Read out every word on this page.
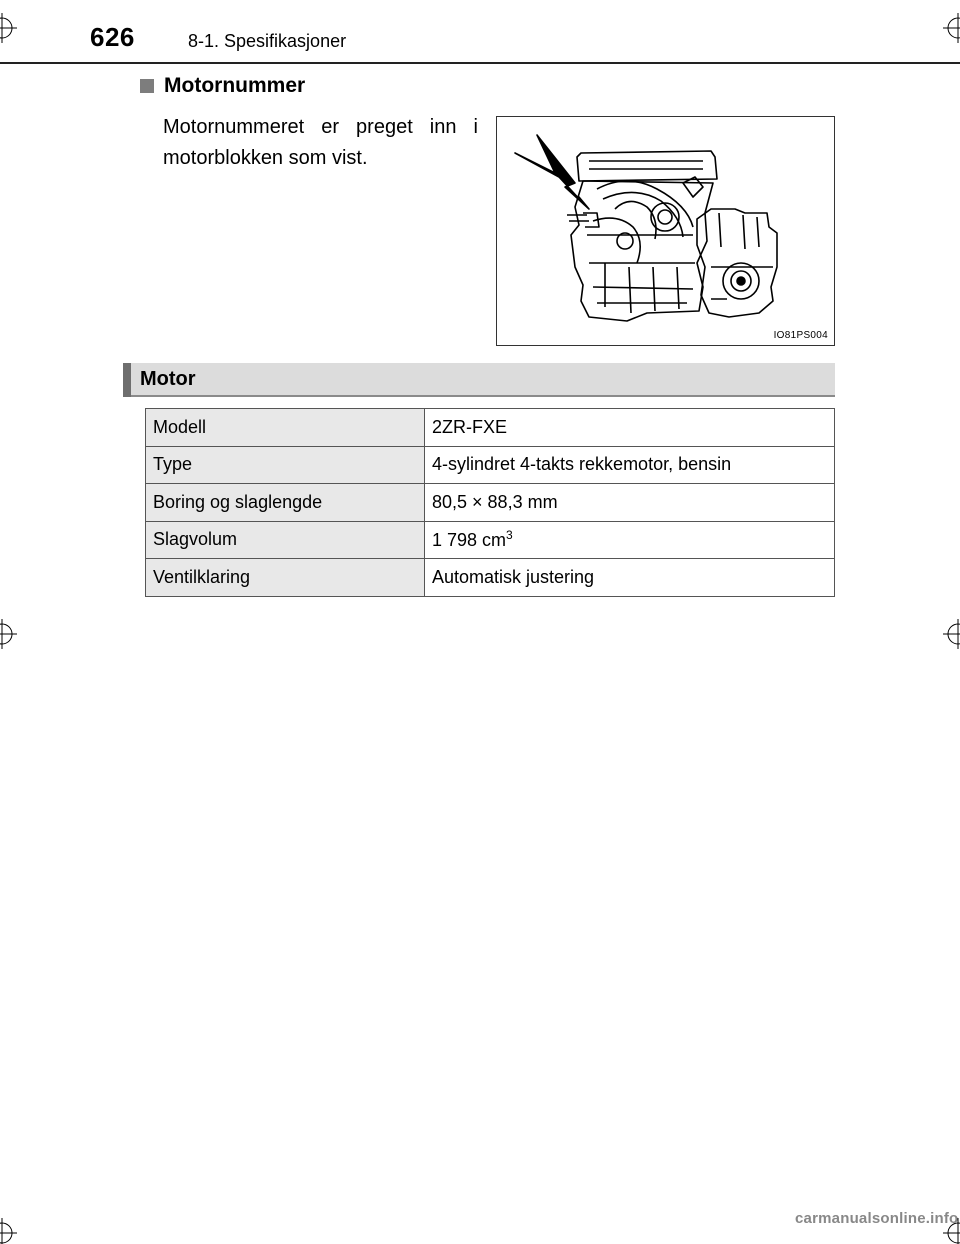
626	8-1. Spesifikasjoner
Motornummer

Motornummeret er preget inn i motorblokken som vist.

IO81PS004
Motor
Modell	2ZR-FXE
Type	4-sylindret 4-takts rekkemotor, bensin
Boring og slaglengde	80,5 × 88,3 mm
Slagvolum	1 798 $cm^3$
Ventilklaring	Automatisk justering
carmanualsonline.info
